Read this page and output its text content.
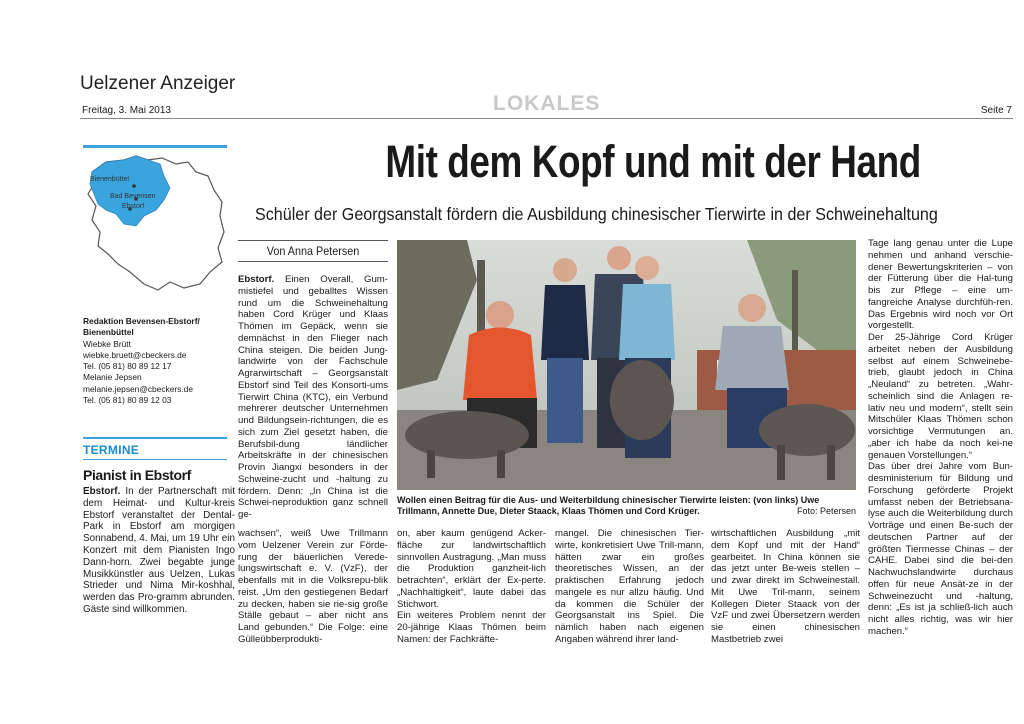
Uelzener Anzeiger
Freitag, 3. Mai 2013	LOKALES	Seite 7
Bienenbüttel
Bad Bevensen
Ebstorf
Redaktion Bevensen-Ebstorf/
Bienenbüttel
Wiebke Brütt
wiebke.bruett@cbeckers.de
Tel. (05 81) 80 89 12 17
Melanie Jepsen
melanie.jepsen@cbeckers.de
Tel. (05 81) 80 89 12 03
TERMINE
Pianist in Ebstorf
Ebstorf. In der Partnerschaft mit dem Heimat- und Kultur-kreis Ebstorf veranstaltet der Dental-Park in Ebstorf am morgigen Sonnabend, 4. Mai, um 19 Uhr ein Konzert mit dem Pianisten Ingo Dann-horn. Zwei begabte junge Musikkünstler aus Uelzen, Lukas Strieder und Nima Mir-koshhal, werden das Pro-gramm abrunden. Gäste sind willkommen.
Mit dem Kopf und mit der Hand
Schüler der Georgsanstalt fördern die Ausbildung chinesischer Tierwirte in der Schweinehaltung
Von Anna Petersen
Ebstorf. Einen Overall, Gum-mistiefel und geballtes Wissen rund um die Schweinehaltung haben Cord Krüger und Klaas Thömen im Gepäck, wenn sie demnächst in den Flieger nach China steigen. Die beiden Jung-landwirte von der Fachschule Agrarwirtschaft – Georgsanstalt Ebstorf sind Teil des Konsorti-ums Tierwirt China (KTC), ein Verbund mehrerer deutscher Unternehmen und Bildungsein-richtungen, die es sich zum Ziel gesetzt haben, die Berufsbil-dung ländlicher Arbeitskräfte in der chinesischen Provin Jiangxi besonders in der Schweine-zucht und -haltung zu fördern. Denn: „In China ist die Schwei-neproduktion ganz schnell ge-
wachsen“, weiß Uwe Trillmann vom Uelzener Verein zur Förde-rung der bäuerlichen Verede-lungswirtschaft e. V. (VzF), der ebenfalls mit in die Volksrepu-blik reist. „Um den gestiegenen Bedarf zu decken, haben sie rie-sig große Ställe gebaut – aber nicht ans Land gebunden.“ Die Folge: eine Gülleübberprodukti-
on, aber kaum genügend Acker-fläche zur landwirtschaftlich sinnvollen Austragung. „Man muss die Produktion ganzheit-lich betrachten“, erklärt der Ex-perte. „Nachhaltigkeit“, laute dabei das Stichwort.
Ein weiteres Problem nennt der 20-jährige Klaas Thömen beim Namen: der Fachkräfte-
mangel. Die chinesischen Tier-wirte, konkretisiert Uwe Trill-mann, hätten zwar ein großes theoretisches Wissen, an der praktischen Erfahrung jedoch mangele es nur allzu häufig. Und da kommen die Schüler der Georgsanstalt ins Spiel. Die nämlich haben nach eigenen Angaben während ihrer land-
wirtschaftlichen Ausbildung „mit dem Kopf und mit der Hand“ gearbeitet. In China können sie das jetzt unter Be-weis stellen – und zwar direkt im Schweinestall. Mit Uwe Tril-mann, seinem Kollegen Dieter Staack von der VzF und zwei Übersetzern werden sie einen chinesischen Mastbetrieb zwei
Tage lang genau unter die Lupe nehmen und anhand verschie-dener Bewertungskriterien – von der Fütterung über die Hal-tung bis zur Pflege – eine um-fangreiche Analyse durchfüh-ren. Das Ergebnis wird noch vor Ort vorgestellt.
Der 25-Jährige Cord Krüger arbeitet neben der Ausbildung selbst auf einem Schweinebe-trieb, glaubt jedoch in China „Neuland“ zu betreten. „Wahr-scheinlich sind die Anlagen re-lativ neu und modern“, stellt sein Mitschüler Klaas Thömen schon vorsichtige Vermutungen an. „aber ich habe da noch kei-ne genauen Vorstellungen.“
Das über drei Jahre vom Bun-desministerium für Bildung und Forschung geförderte Projekt umfasst neben der Betriebsana-lyse auch die Weiterbildung durch Vorträge und einen Be-such der deutschen Partner auf der größten Tiermesse Chinas – der CAHE. Dabei sind die bei-den Nachwuchslandwirte durchaus offen für neue Ansät-ze in der Schweinezucht und -haltung, denn: „Es ist ja schließ-lich auch nicht alles richtig, was wir hier machen.“
Wollen einen Beitrag für die Aus- und Weiterbildung chinesischer Tierwirte leisten: (von links) Uwe Trillmann, Annette Due, Dieter Staack, Klaas Thömen und Cord Krüger.	Foto: Petersen
